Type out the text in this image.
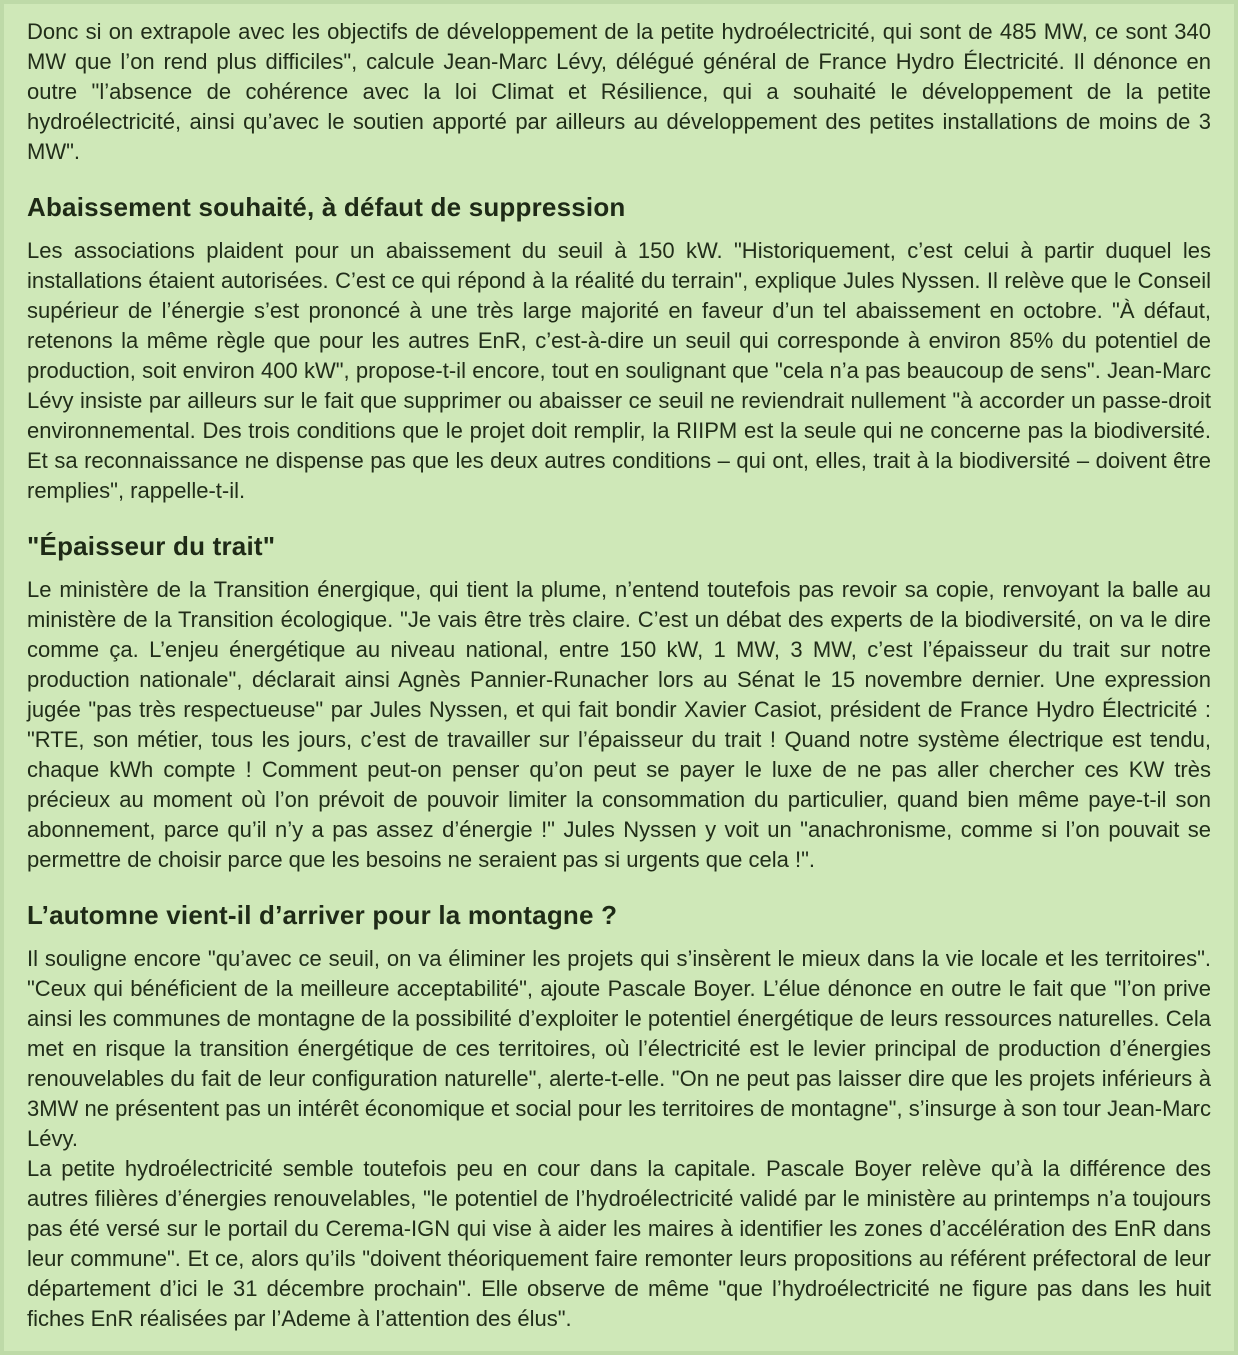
Donc si on extrapole avec les objectifs de développement de la petite hydroélectricité, qui sont de 485 MW, ce sont 340 MW que l’on rend plus difficiles", calcule Jean-Marc Lévy, délégué général de France Hydro Électricité. Il dénonce en outre "l’absence de cohérence avec la loi Climat et Résilience, qui a souhaité le développement de la petite hydroélectricité, ainsi qu’avec le soutien apporté par ailleurs au développement des petites installations de moins de 3 MW".

Abaissement souhaité, à défaut de suppression

Les associations plaident pour un abaissement du seuil à 150 kW. "Historiquement, c’est celui à partir duquel les installations étaient autorisées. C’est ce qui répond à la réalité du terrain", explique Jules Nyssen. Il relève que le Conseil supérieur de l’énergie s’est prononcé à une très large majorité en faveur d’un tel abaissement en octobre. "À défaut, retenons la même règle que pour les autres EnR, c’est-à-dire un seuil qui corresponde à environ 85% du potentiel de production, soit environ 400 kW", propose-t-il encore, tout en soulignant que "cela n’a pas beaucoup de sens". Jean-Marc Lévy insiste par ailleurs sur le fait que supprimer ou abaisser ce seuil ne reviendrait nullement "à accorder un passe-droit environnemental. Des trois conditions que le projet doit remplir, la RIIPM est la seule qui ne concerne pas la biodiversité. Et sa reconnaissance ne dispense pas que les deux autres conditions – qui ont, elles, trait à la biodiversité – doivent être remplies", rappelle-t-il.

"Épaisseur du trait"

Le ministère de la Transition énergique, qui tient la plume, n’entend toutefois pas revoir sa copie, renvoyant la balle au ministère de la Transition écologique. "Je vais être très claire. C’est un débat des experts de la biodiversité, on va le dire comme ça. L’enjeu énergétique au niveau national, entre 150 kW, 1 MW, 3 MW, c’est l’épaisseur du trait sur notre production nationale", déclarait ainsi Agnès Pannier-Runacher lors au Sénat le 15 novembre dernier. Une expression jugée "pas très respectueuse" par Jules Nyssen, et qui fait bondir Xavier Casiot, président de France Hydro Électricité : "RTE, son métier, tous les jours, c’est de travailler sur l’épaisseur du trait ! Quand notre système électrique est tendu, chaque kWh compte ! Comment peut-on penser qu’on peut se payer le luxe de ne pas aller chercher ces KW très précieux au moment où l’on prévoit de pouvoir limiter la consommation du particulier, quand bien même paye-t-il son abonnement, parce qu’il n’y a pas assez d’énergie !" Jules Nyssen y voit un "anachronisme, comme si l’on pouvait se permettre de choisir parce que les besoins ne seraient pas si urgents que cela !".

L’automne vient-il d’arriver pour la montagne ?

Il souligne encore "qu’avec ce seuil, on va éliminer les projets qui s’insèrent le mieux dans la vie locale et les territoires". "Ceux qui bénéficient de la meilleure acceptabilité", ajoute Pascale Boyer. L’élue dénonce en outre le fait que "l’on prive ainsi les communes de montagne de la possibilité d’exploiter le potentiel énergétique de leurs ressources naturelles. Cela met en risque la transition énergétique de ces territoires, où l’électricité est le levier principal de production d’énergies renouvelables du fait de leur configuration naturelle", alerte-t-elle. "On ne peut pas laisser dire que les projets inférieurs à 3MW ne présentent pas un intérêt économique et social pour les territoires de montagne", s’insurge à son tour Jean-Marc Lévy.

La petite hydroélectricité semble toutefois peu en cour dans la capitale. Pascale Boyer relève qu’à la différence des autres filières d’énergies renouvelables, "le potentiel de l’hydroélectricité validé par le ministère au printemps n’a toujours pas été versé sur le portail du Cerema-IGN qui vise à aider les maires à identifier les zones d’accélération des EnR dans leur commune". Et ce, alors qu’ils "doivent théoriquement faire remonter leurs propositions au référent préfectoral de leur département d’ici le 31 décembre prochain". Elle observe de même "que l’hydroélectricité ne figure pas dans les huit fiches EnR réalisées par l’Ademe à l’attention des élus".
